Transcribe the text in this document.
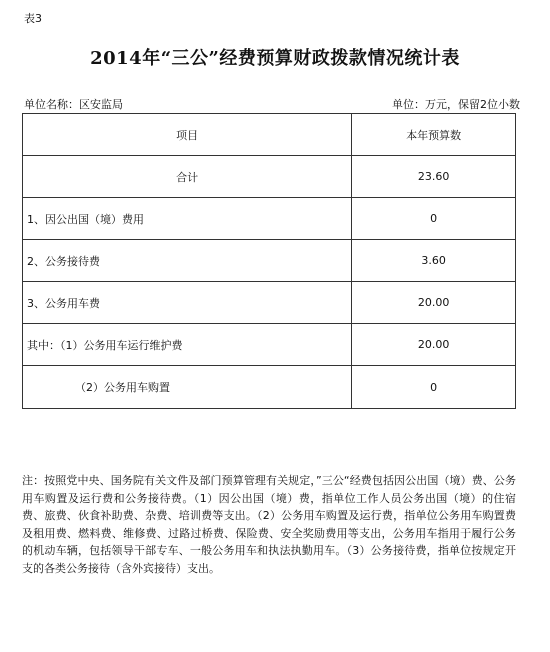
表3
2014年“三公”经费预算财政拨款情况统计表
单位名称：区安监局	单位：万元，保留2位小数
项目	本年预算数
合计	23.60
1、因公出国（境）费用	0
2、公务接待费	3.60
3、公务用车费	20.00
其中：（1）公务用车运行维护费	20.00
（2）公务用车购置	0
注：按照党中央、国务院有关文件及部门预算管理有关规定，”三公“经费包括因公出国（境）费、公务用车购置及运行费和公务接待费。（1）因公出国（境）费，指单位工作人员公务出国（境）的住宿费、旅费、伙食补助费、杂费、培训费等支出。（2）公务用车购置及运行费，指单位公务用车购置费及租用费、燃料费、维修费、过路过桥费、保险费、安全奖励费用等支出，公务用车指用于履行公务的机动车辆，包括领导干部专车、一般公务用车和执法执勤用车。（3）公务接待费，指单位按规定开支的各类公务接待（含外宾接待）支出。
